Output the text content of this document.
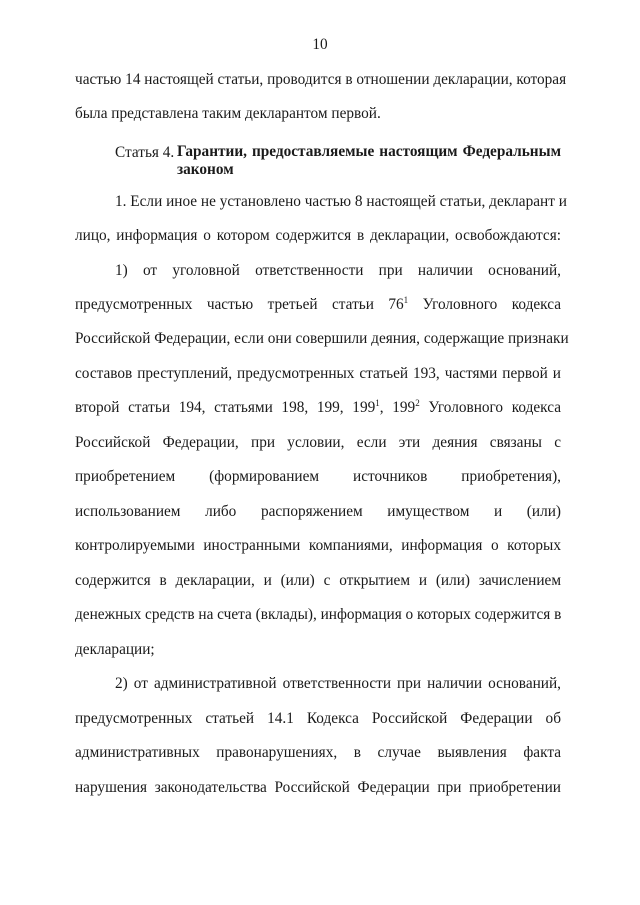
10
частью 14 настоящей статьи, проводится в отношении декларации, которая
была представлена таким декларантом первой.
Статья 4. Гарантии, предоставляемые настоящим Федеральным
законом
1. Если иное не установлено частью 8 настоящей статьи, декларант и
лицо, информация о котором содержится в декларации, освобождаются:
1) от уголовной ответственности при наличии оснований,
предусмотренных частью третьей статьи $76^1$ Уголовного кодекса
Российской Федерации, если они совершили деяния, содержащие признаки
составов преступлений, предусмотренных статьей 193, частями первой и
второй статьи 194, статьями 198, 199, $199^1$, $199^2$ Уголовного кодекса
Российской Федерации, при условии, если эти деяния связаны с
приобретением (формированием источников приобретения),
использованием либо распоряжением имуществом и (или)
контролируемыми иностранными компаниями, информация о которых
содержится в декларации, и (или) с открытием и (или) зачислением
денежных средств на счета (вклады), информация о которых содержится в
декларации;
2) от административной ответственности при наличии оснований,
предусмотренных статьей 14.1 Кодекса Российской Федерации об
административных правонарушениях, в случае выявления факта
нарушения законодательства Российской Федерации при приобретении
